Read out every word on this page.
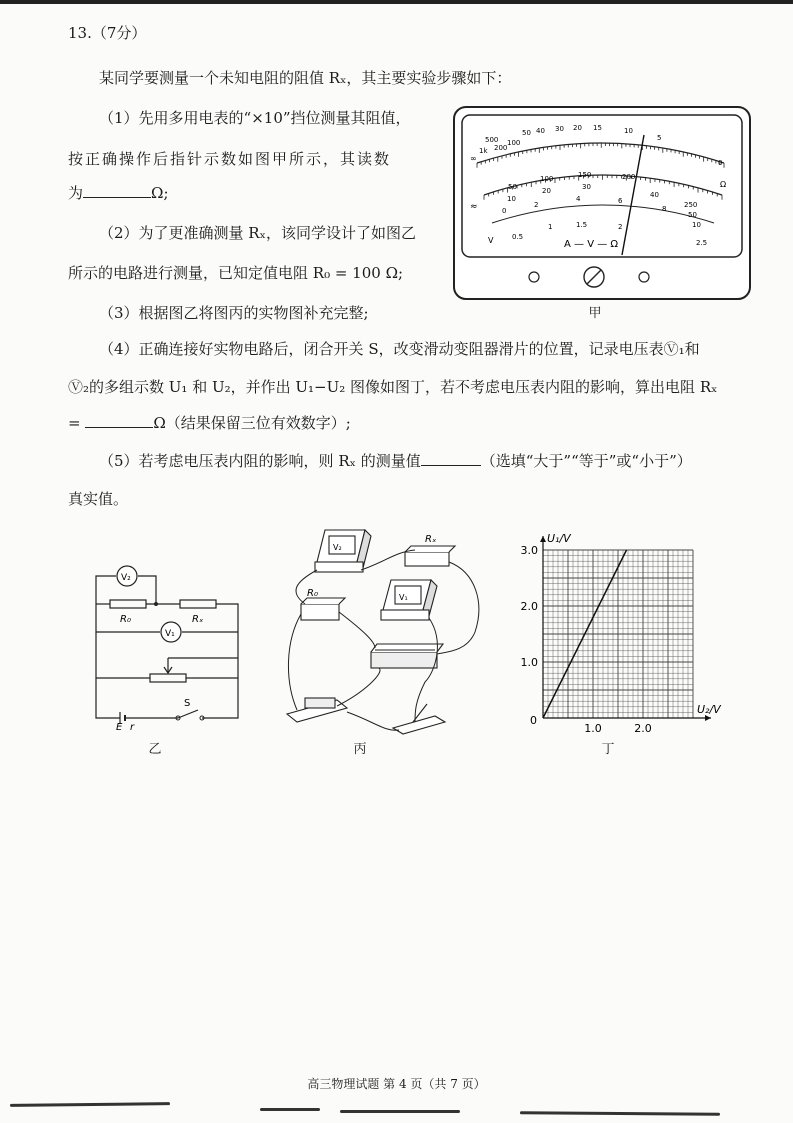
13.（7分）
某同学要测量一个未知电阻的阻值 Rₓ，其主要实验步骤如下：
（1）先用多用电表的“×10”挡位测量其阻值，
按正确操作后指针示数如图甲所示，其读数
为	Ω;
（2）为了更准确测量 Rₓ，该同学设计了如图乙
所示的电路进行测量，已知定值电阻 R₀ = 100 Ω;
（3）根据图乙将图丙的实物图补充完整;
（4）正确连接好实物电路后，闭合开关 S，改变滑动变阻器滑片的位置，记录电压表Ⓥ₁和
Ⓥ₂的多组示数 U₁ 和 U₂，并作出 U₁−U₂ 图像如图丁，若不考虑电压表内阻的影响，算出电阻 Rₓ
=	Ω（结果保留三位有效数字）;
（5）若考虑电压表内阻的影响，则 Rₓ 的测量值	（选填“大于”“等于”或“小于”）
真实值。
∞
1k
500
200
100
50 40 30 20 15	10
5
0
Ω
50
100	150	200
250
10
20	30
40
50
0
2
4	6
8
10
0.5
1	1.5	2
2.5
≈
V	A — V — Ω
甲
V₂
V₁
R₀	Rₓ
E r
S
乙
V₂
V₁
R₀
Rₓ
丙
1.0
2.0
3.0
1.0	2.0
0
U₁/V
U₂/V
丁
高三物理试题 第 4 页（共 7 页）
